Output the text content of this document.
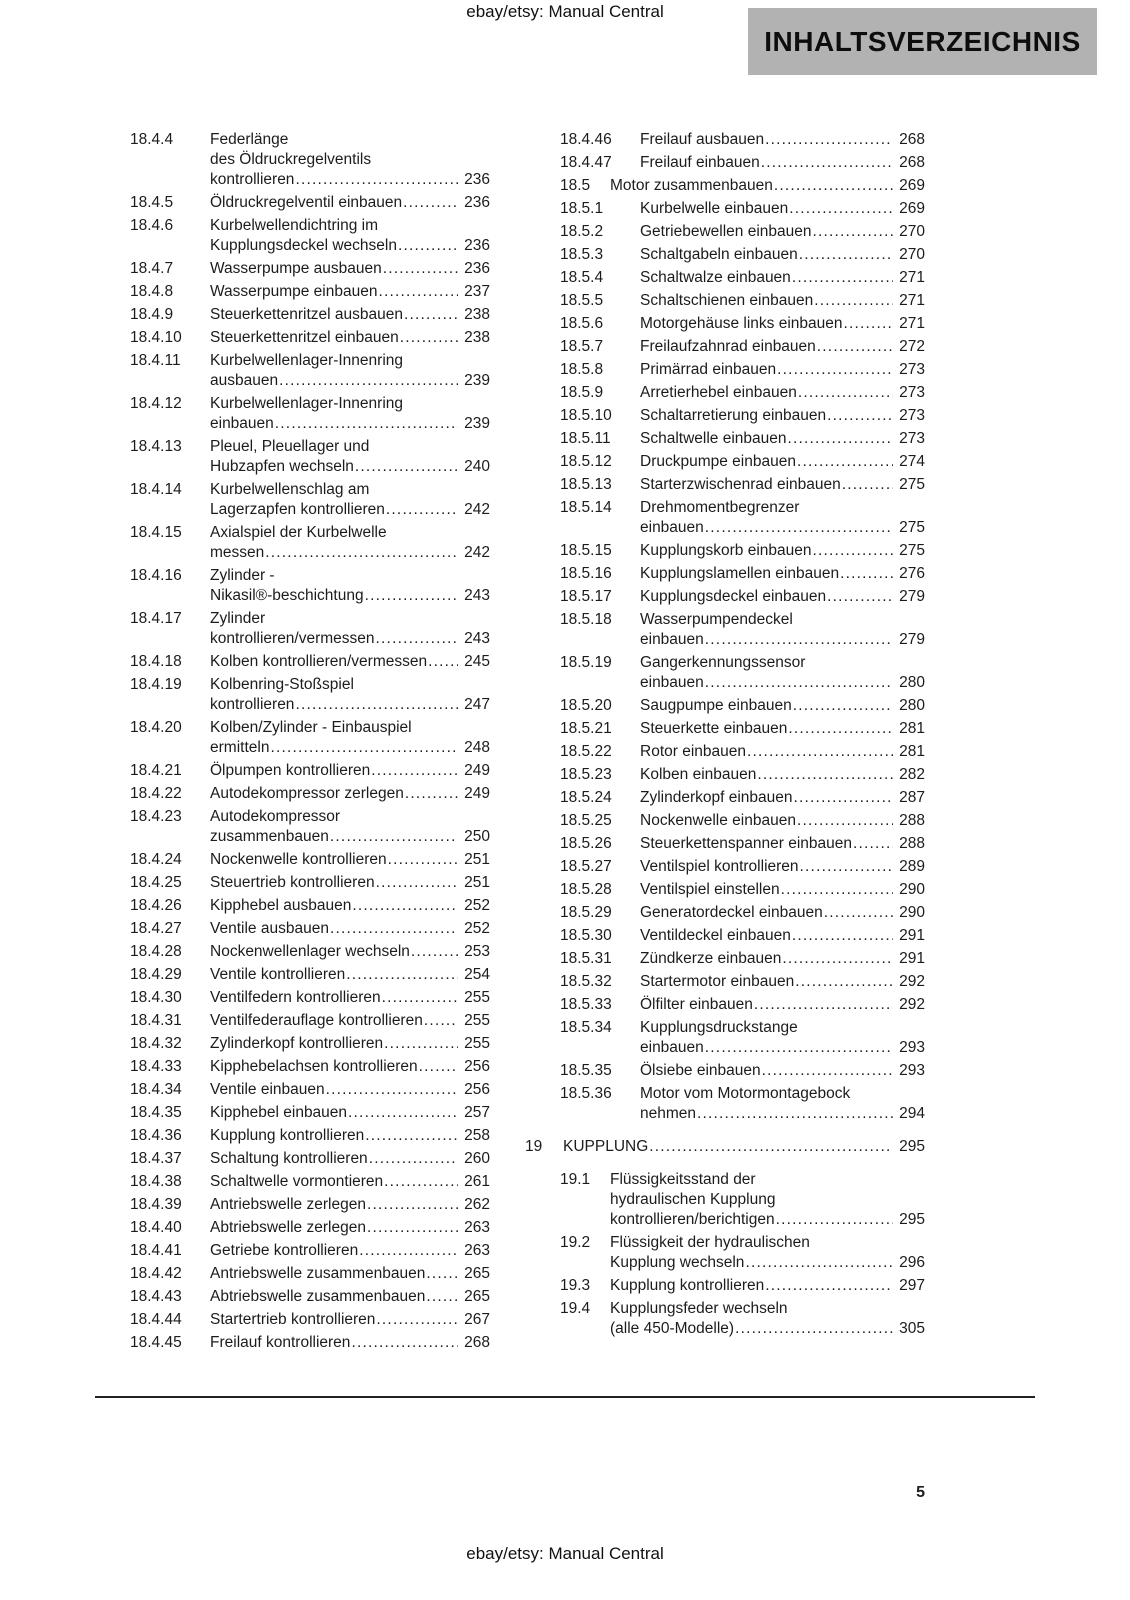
ebay/etsy: Manual Central
INHALTSVERZEICHNIS
18.4.4	Federlänge
des Öldruckregelventils
kontrollieren .....	236
18.4.5	Öldruckregelventil einbauen .....	236
18.4.6	Kurbelwellendichtring im
Kupplungsdeckel wechseln .....	236
18.4.7	Wasserpumpe ausbauen .....	236
18.4.8	Wasserpumpe einbauen .....	237
18.4.9	Steuerkettenritzel ausbauen .....	238
18.4.10	Steuerkettenritzel einbauen .....	238
18.4.11	Kurbelwellenlager-Innenring
ausbauen .....	239
18.4.12	Kurbelwellenlager-Innenring
einbauen .....	239
18.4.13	Pleuel, Pleuellager und
Hubzapfen wechseln .....	240
18.4.14	Kurbelwellenschlag am
Lagerzapfen kontrollieren .....	242
18.4.15	Axialspiel der Kurbelwelle
messen .....	242
18.4.16	Zylinder -
Nikasil®-beschichtung .....	243
18.4.17	Zylinder
kontrollieren/vermessen .....	243
18.4.18	Kolben kontrollieren/vermessen ..... 245
18.4.19	Kolbenring-Stoßspiel
kontrollieren .....	247
18.4.20	Kolben/Zylinder - Einbauspiel
ermitteln .....	248
18.4.21	Ölpumpen kontrollieren .....	249
18.4.22	Autodekompressor zerlegen .....	249
18.4.23	Autodekompressor
zusammenbauen .....	250
18.4.24	Nockenwelle kontrollieren .....	251
18.4.25	Steuertrieb kontrollieren .....	251
18.4.26	Kipphebel ausbauen .....	252
18.4.27	Ventile ausbauen .....	252
18.4.28	Nockenwellenlager wechseln .....	253
18.4.29	Ventile kontrollieren .....	254
18.4.30	Ventilfedern kontrollieren .....	255
18.4.31	Ventilfederauflage kontrollieren .....	255
18.4.32	Zylinderkopf kontrollieren .....	255
18.4.33	Kipphebelachsen kontrollieren .....	256
18.4.34	Ventile einbauen .....	256
18.4.35	Kipphebel einbauen .....	257
18.4.36	Kupplung kontrollieren .....	258
18.4.37	Schaltung kontrollieren .....	260
18.4.38	Schaltwelle vormontieren .....	261
18.4.39	Antriebswelle zerlegen .....	262
18.4.40	Abtriebswelle zerlegen .....	263
18.4.41	Getriebe kontrollieren .....	263
18.4.42	Antriebswelle zusammenbauen ..... 265
18.4.43	Abtriebswelle zusammenbauen ..... 265
18.4.44	Startertrieb kontrollieren .....	267
18.4.45	Freilauf kontrollieren .....	268
18.4.46	Freilauf ausbauen .....	268
18.4.47	Freilauf einbauen .....	268
18.5	Motor zusammenbauen .....	269
18.5.1	Kurbelwelle einbauen .....	269
18.5.2	Getriebewellen einbauen .....	270
18.5.3	Schaltgabeln einbauen .....	270
18.5.4	Schaltwalze einbauen .....	271
18.5.5	Schaltschienen einbauen .....	271
18.5.6	Motorgehäuse links einbauen .....	271
18.5.7	Freilaufzahnrad einbauen .....	272
18.5.8	Primärrad einbauen .....	273
18.5.9	Arretierhebel einbauen .....	273
18.5.10	Schaltarretierung einbauen .....	273
18.5.11	Schaltwelle einbauen .....	273
18.5.12	Druckpumpe einbauen .....	274
18.5.13	Starterzwischenrad einbauen .....	275
18.5.14	Drehmomentbegrenzer
einbauen .....	275
18.5.15	Kupplungskorb einbauen .....	275
18.5.16	Kupplungslamellen einbauen .....	276
18.5.17	Kupplungsdeckel einbauen .....	279
18.5.18	Wasserpumpendeckel
einbauen .....	279
18.5.19	Gangerkennungssensor
einbauen .....	280
18.5.20	Saugpumpe einbauen .....	280
18.5.21	Steuerkette einbauen .....	281
18.5.22	Rotor einbauen .....	281
18.5.23	Kolben einbauen .....	282
18.5.24	Zylinderkopf einbauen .....	287
18.5.25	Nockenwelle einbauen .....	288
18.5.26	Steuerkettenspanner einbauen .....	288
18.5.27	Ventilspiel kontrollieren .....	289
18.5.28	Ventilspiel einstellen .....	290
18.5.29	Generatordeckel einbauen .....	290
18.5.30	Ventildeckel einbauen .....	291
18.5.31	Zündkerze einbauen .....	291
18.5.32	Startermotor einbauen .....	292
18.5.33	Ölfilter einbauen .....	292
18.5.34	Kupplungsdruckstange
einbauen .....	293
18.5.35	Ölsiebe einbauen .....	293
18.5.36	Motor vom Motormontagebock
nehmen .....	294
19	KUPPLUNG .....	295
19.1	Flüssigkeitsstand der
hydraulischen Kupplung
kontrollieren/berichtigen .....	295
19.2	Flüssigkeit der hydraulischen
Kupplung wechseln .....	296
19.3	Kupplung kontrollieren .....	297
19.4	Kupplungsfeder wechseln
(alle 450-Modelle) .....	305
5
ebay/etsy: Manual Central
